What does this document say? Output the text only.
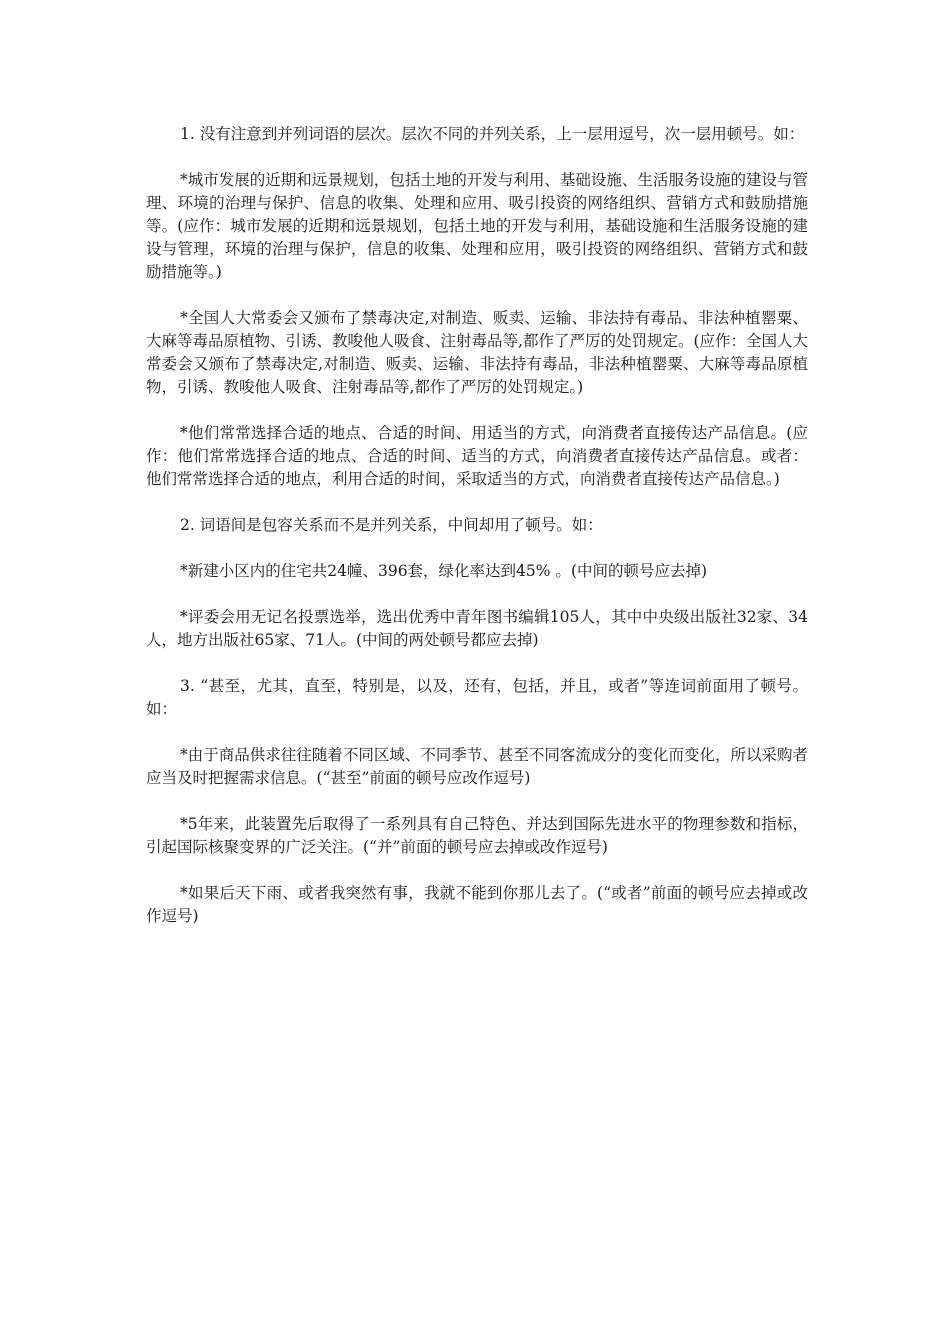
1. 没有注意到并列词语的层次。层次不同的并列关系，上一层用逗号，次一层用顿号。如：

*城市发展的近期和远景规划，包括土地的开发与利用、基础设施、生活服务设施的建设与管理、环境的治理与保护、信息的收集、处理和应用、吸引投资的网络组织、营销方式和鼓励措施等。(应作：城市发展的近期和远景规划，包括土地的开发与利用，基础设施和生活服务设施的建设与管理，环境的治理与保护，信息的收集、处理和应用，吸引投资的网络组织、营销方式和鼓励措施等。)

*全国人大常委会又颁布了禁毒决定,对制造、贩卖、运输、非法持有毒品、非法种植罂粟、大麻等毒品原植物、引诱、教唆他人吸食、注射毒品等,都作了严厉的处罚规定。(应作：全国人大常委会又颁布了禁毒决定,对制造、贩卖、运输、非法持有毒品，非法种植罂粟、大麻等毒品原植物，引诱、教唆他人吸食、注射毒品等,都作了严厉的处罚规定。)

*他们常常选择合适的地点、合适的时间、用适当的方式，向消费者直接传达产品信息。(应作：他们常常选择合适的地点、合适的时间、适当的方式，向消费者直接传达产品信息。或者：他们常常选择合适的地点，利用合适的时间，采取适当的方式，向消费者直接传达产品信息。)

2. 词语间是包容关系而不是并列关系，中间却用了顿号。如：

*新建小区内的住宅共24幢、396套，绿化率达到45% 。(中间的顿号应去掉)

*评委会用无记名投票选举，选出优秀中青年图书编辑105人，其中中央级出版社32家、34人，地方出版社65家、71人。(中间的两处顿号都应去掉)

3. “甚至，尤其，直至，特别是，以及，还有，包括，并且，或者”等连词前面用了顿号。如：

*由于商品供求往往随着不同区域、不同季节、甚至不同客流成分的变化而变化，所以采购者应当及时把握需求信息。(“甚至”前面的顿号应改作逗号)

*5年来，此装置先后取得了一系列具有自己特色、并达到国际先进水平的物理参数和指标，引起国际核聚变界的广泛关注。(“并”前面的顿号应去掉或改作逗号)

*如果后天下雨、或者我突然有事，我就不能到你那儿去了。(“或者”前面的顿号应去掉或改作逗号)
